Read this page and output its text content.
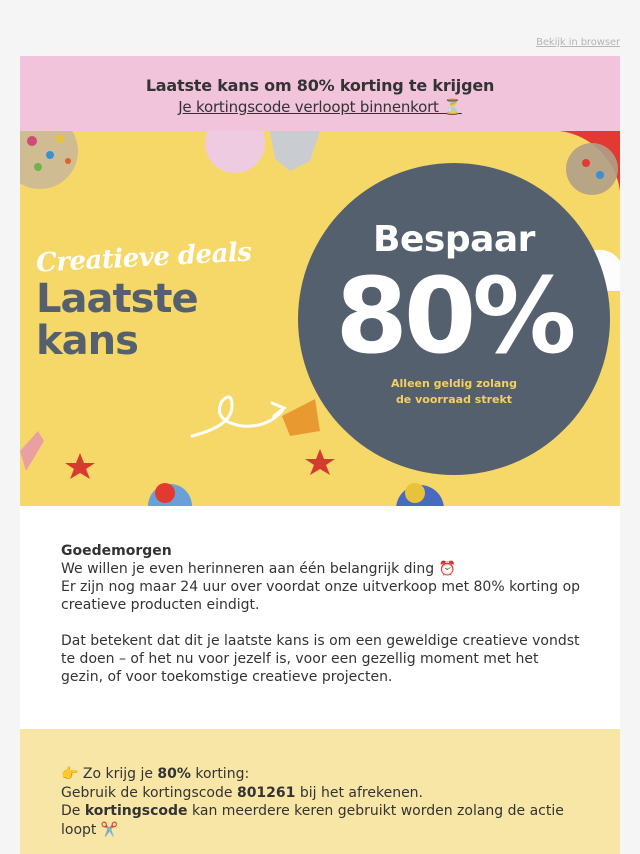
Bekijk in browser
Laatste kans om 80% korting te krijgen
Je kortingscode verloopt binnenkort ⏳
Creatieve deals
Laatste
kans
Bespaar
80%
Alleen geldig zolang
de voorraad strekt

Goedemorgen

We willen je even herinneren aan één belangrijk ding ⏰

Er zijn nog maar 24 uur over voordat onze uitverkoop met 80% korting op creatieve producten eindigt.

Dat betekent dat dit je laatste kans is om een geweldige creatieve vondst te doen – of het nu voor jezelf is, voor een gezellig moment met het gezin, of voor toekomstige creatieve projecten.

👉 Zo krijg je 80% korting:

Gebruik de kortingscode 801261 bij het afrekenen.

De kortingscode kan meerdere keren gebruikt worden zolang de actie loopt ✂️
